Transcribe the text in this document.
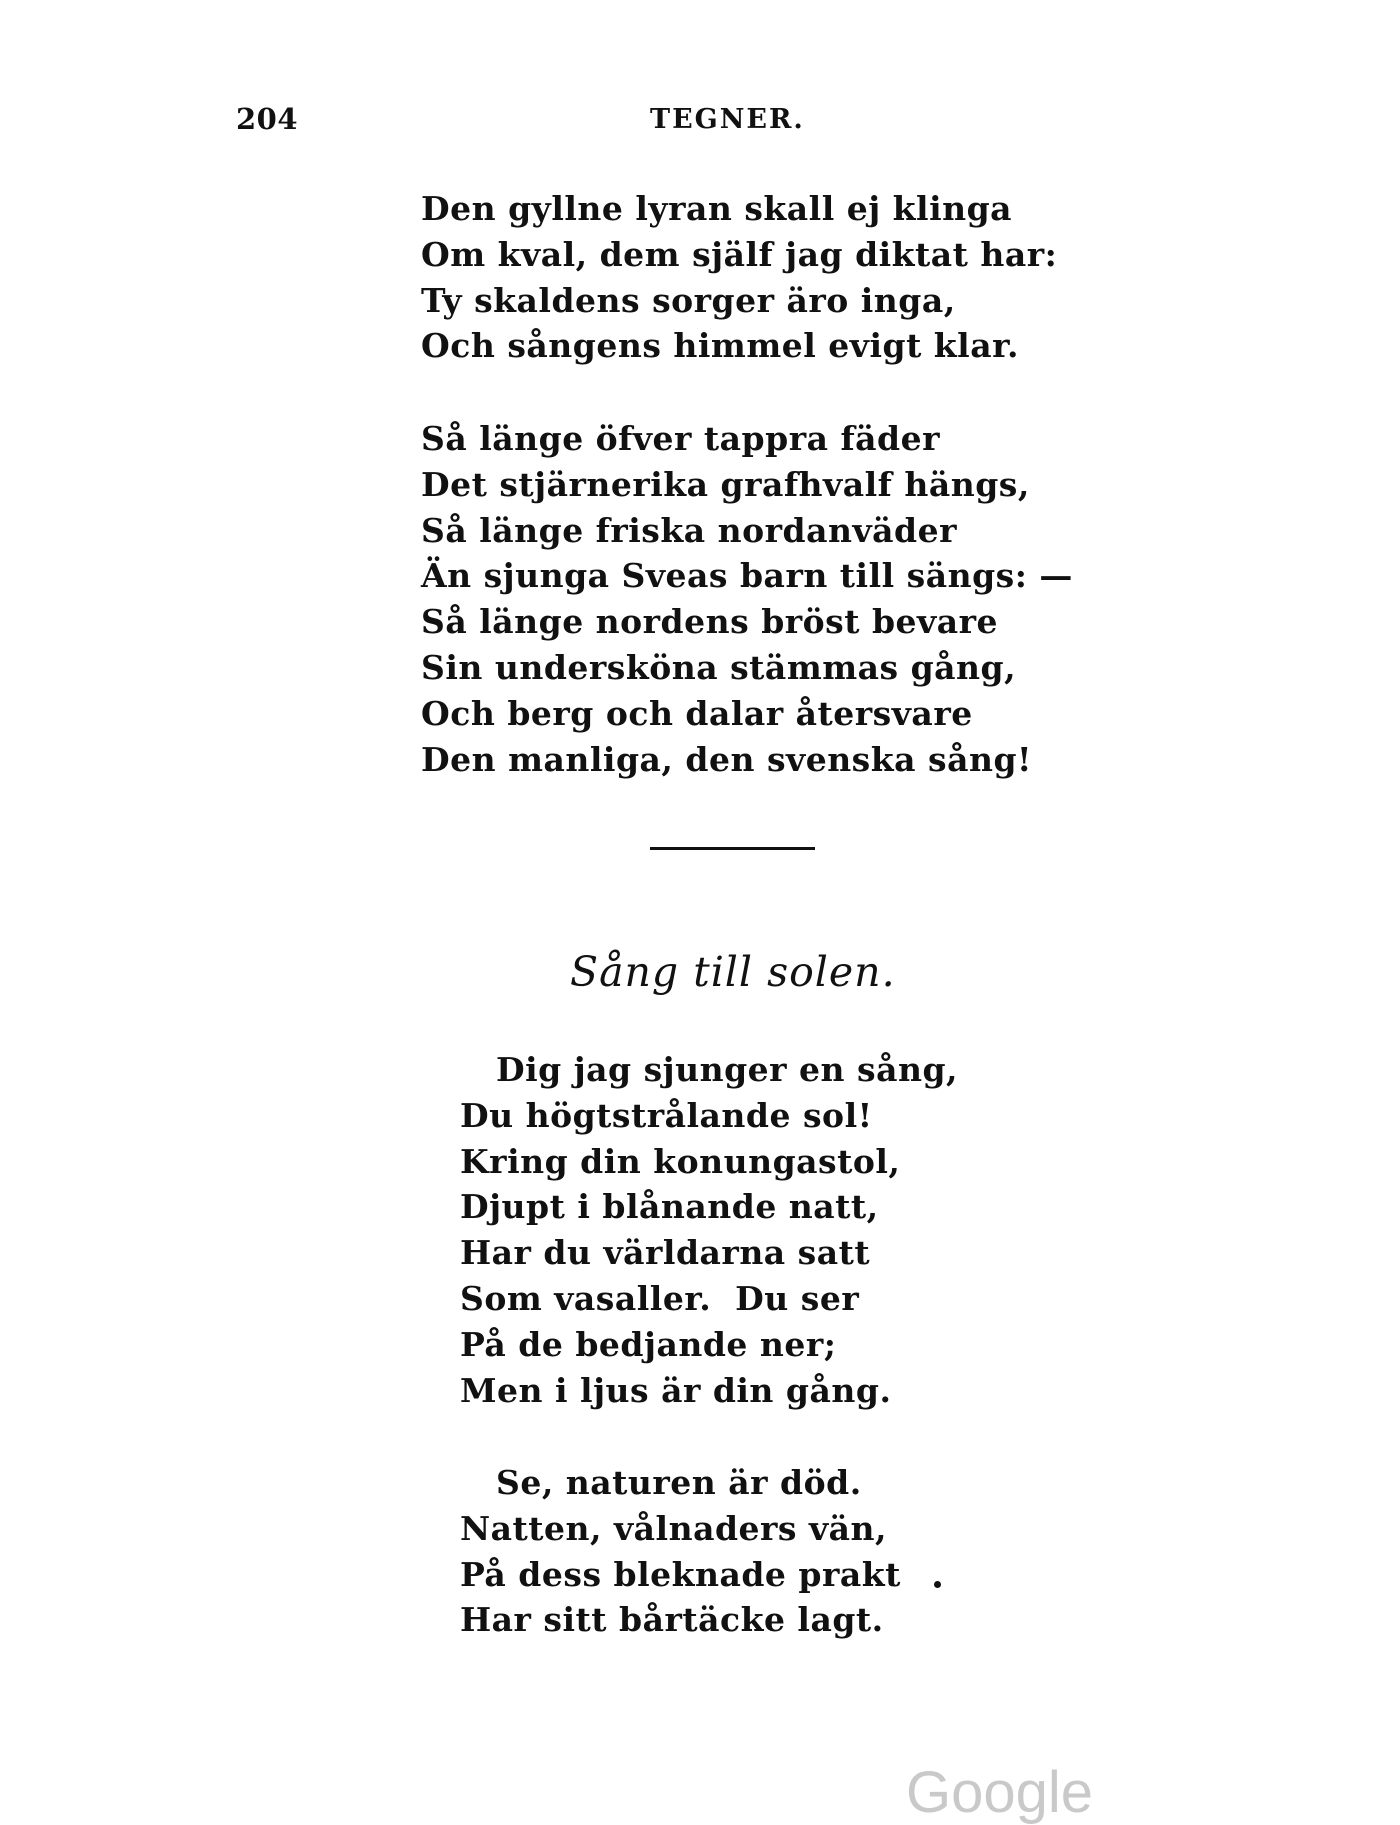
204	TEGNER.
Den gyllne lyran skall ej klinga
Om kval, dem själf jag diktat har:
Ty skaldens sorger äro inga,
Och sångens himmel evigt klar.
Så länge öfver tappra fäder
Det stjärnerika grafhvalf hängs,
Så länge friska nordanväder
Än sjunga Sveas barn till sängs: —
Så länge nordens bröst bevare
Sin undersköna stämmas gång,
Och berg och dalar återsvare
Den manliga, den svenska sång!
Sång till solen.
Dig jag sjunger en sång,
Du högtstrålande sol!
Kring din konungastol,
Djupt i blånande natt,
Har du världarna satt
Som vasaller.  Du ser
På de bedjande ner;
Men i ljus är din gång.
Se, naturen är död.
Natten, vålnaders vän,
På dess bleknade prakt
Har sitt bårtäcke lagt.
Google
